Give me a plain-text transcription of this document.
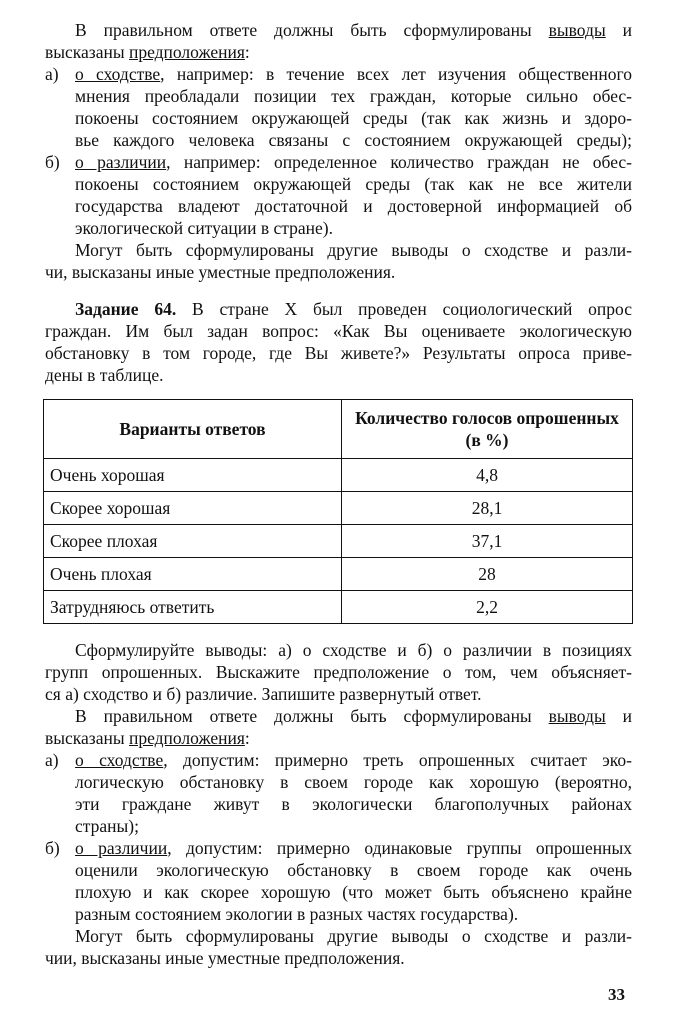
В правильном ответе должны быть сформулированы выводы и
высказаны предположения:
а) о сходстве, например: в течение всех лет изучения общественного
мнения преобладали позиции тех граждан, которые сильно обес-
покоены состоянием окружающей среды (так как жизнь и здоро-
вье каждого человека связаны с состоянием окружающей среды);
б) о различии, например: определенное количество граждан не обес-
покоены состоянием окружающей среды (так как не все жители
государства владеют достаточной и достоверной информацией об
экологической ситуации в стране).
Могут быть сформулированы другие выводы о сходстве и разли-
чи, высказаны иные уместные предположения.
Задание 64. В стране Х был проведен социологический опрос
граждан. Им был задан вопрос: «Как Вы оцениваете экологическую
обстановку в том городе, где Вы живете?» Результаты опроса приве-
дены в таблице.
Варианты ответов	Количество голосов опрошенных (в %)
Очень хорошая	4,8
Скорее хорошая	28,1
Скорее плохая	37,1
Очень плохая	28
Затрудняюсь ответить	2,2
Сформулируйте выводы: а) о сходстве и б) о различии в позициях
групп опрошенных. Выскажите предположение о том, чем объясняет-
ся а) сходство и б) различие. Запишите развернутый ответ.
В правильном ответе должны быть сформулированы выводы и
высказаны предположения:
а) о сходстве, допустим: примерно треть опрошенных считает эко-
логическую обстановку в своем городе как хорошую (вероятно,
эти граждане живут в экологически благополучных районах
страны);
б) о различии, допустим: примерно одинаковые группы опрошенных
оценили экологическую обстановку в своем городе как очень
плохую и как скорее хорошую (что может быть объяснено крайне
разным состоянием экологии в разных частях государства).
Могут быть сформулированы другие выводы о сходстве и разли-
чии, высказаны иные уместные предположения.
33
